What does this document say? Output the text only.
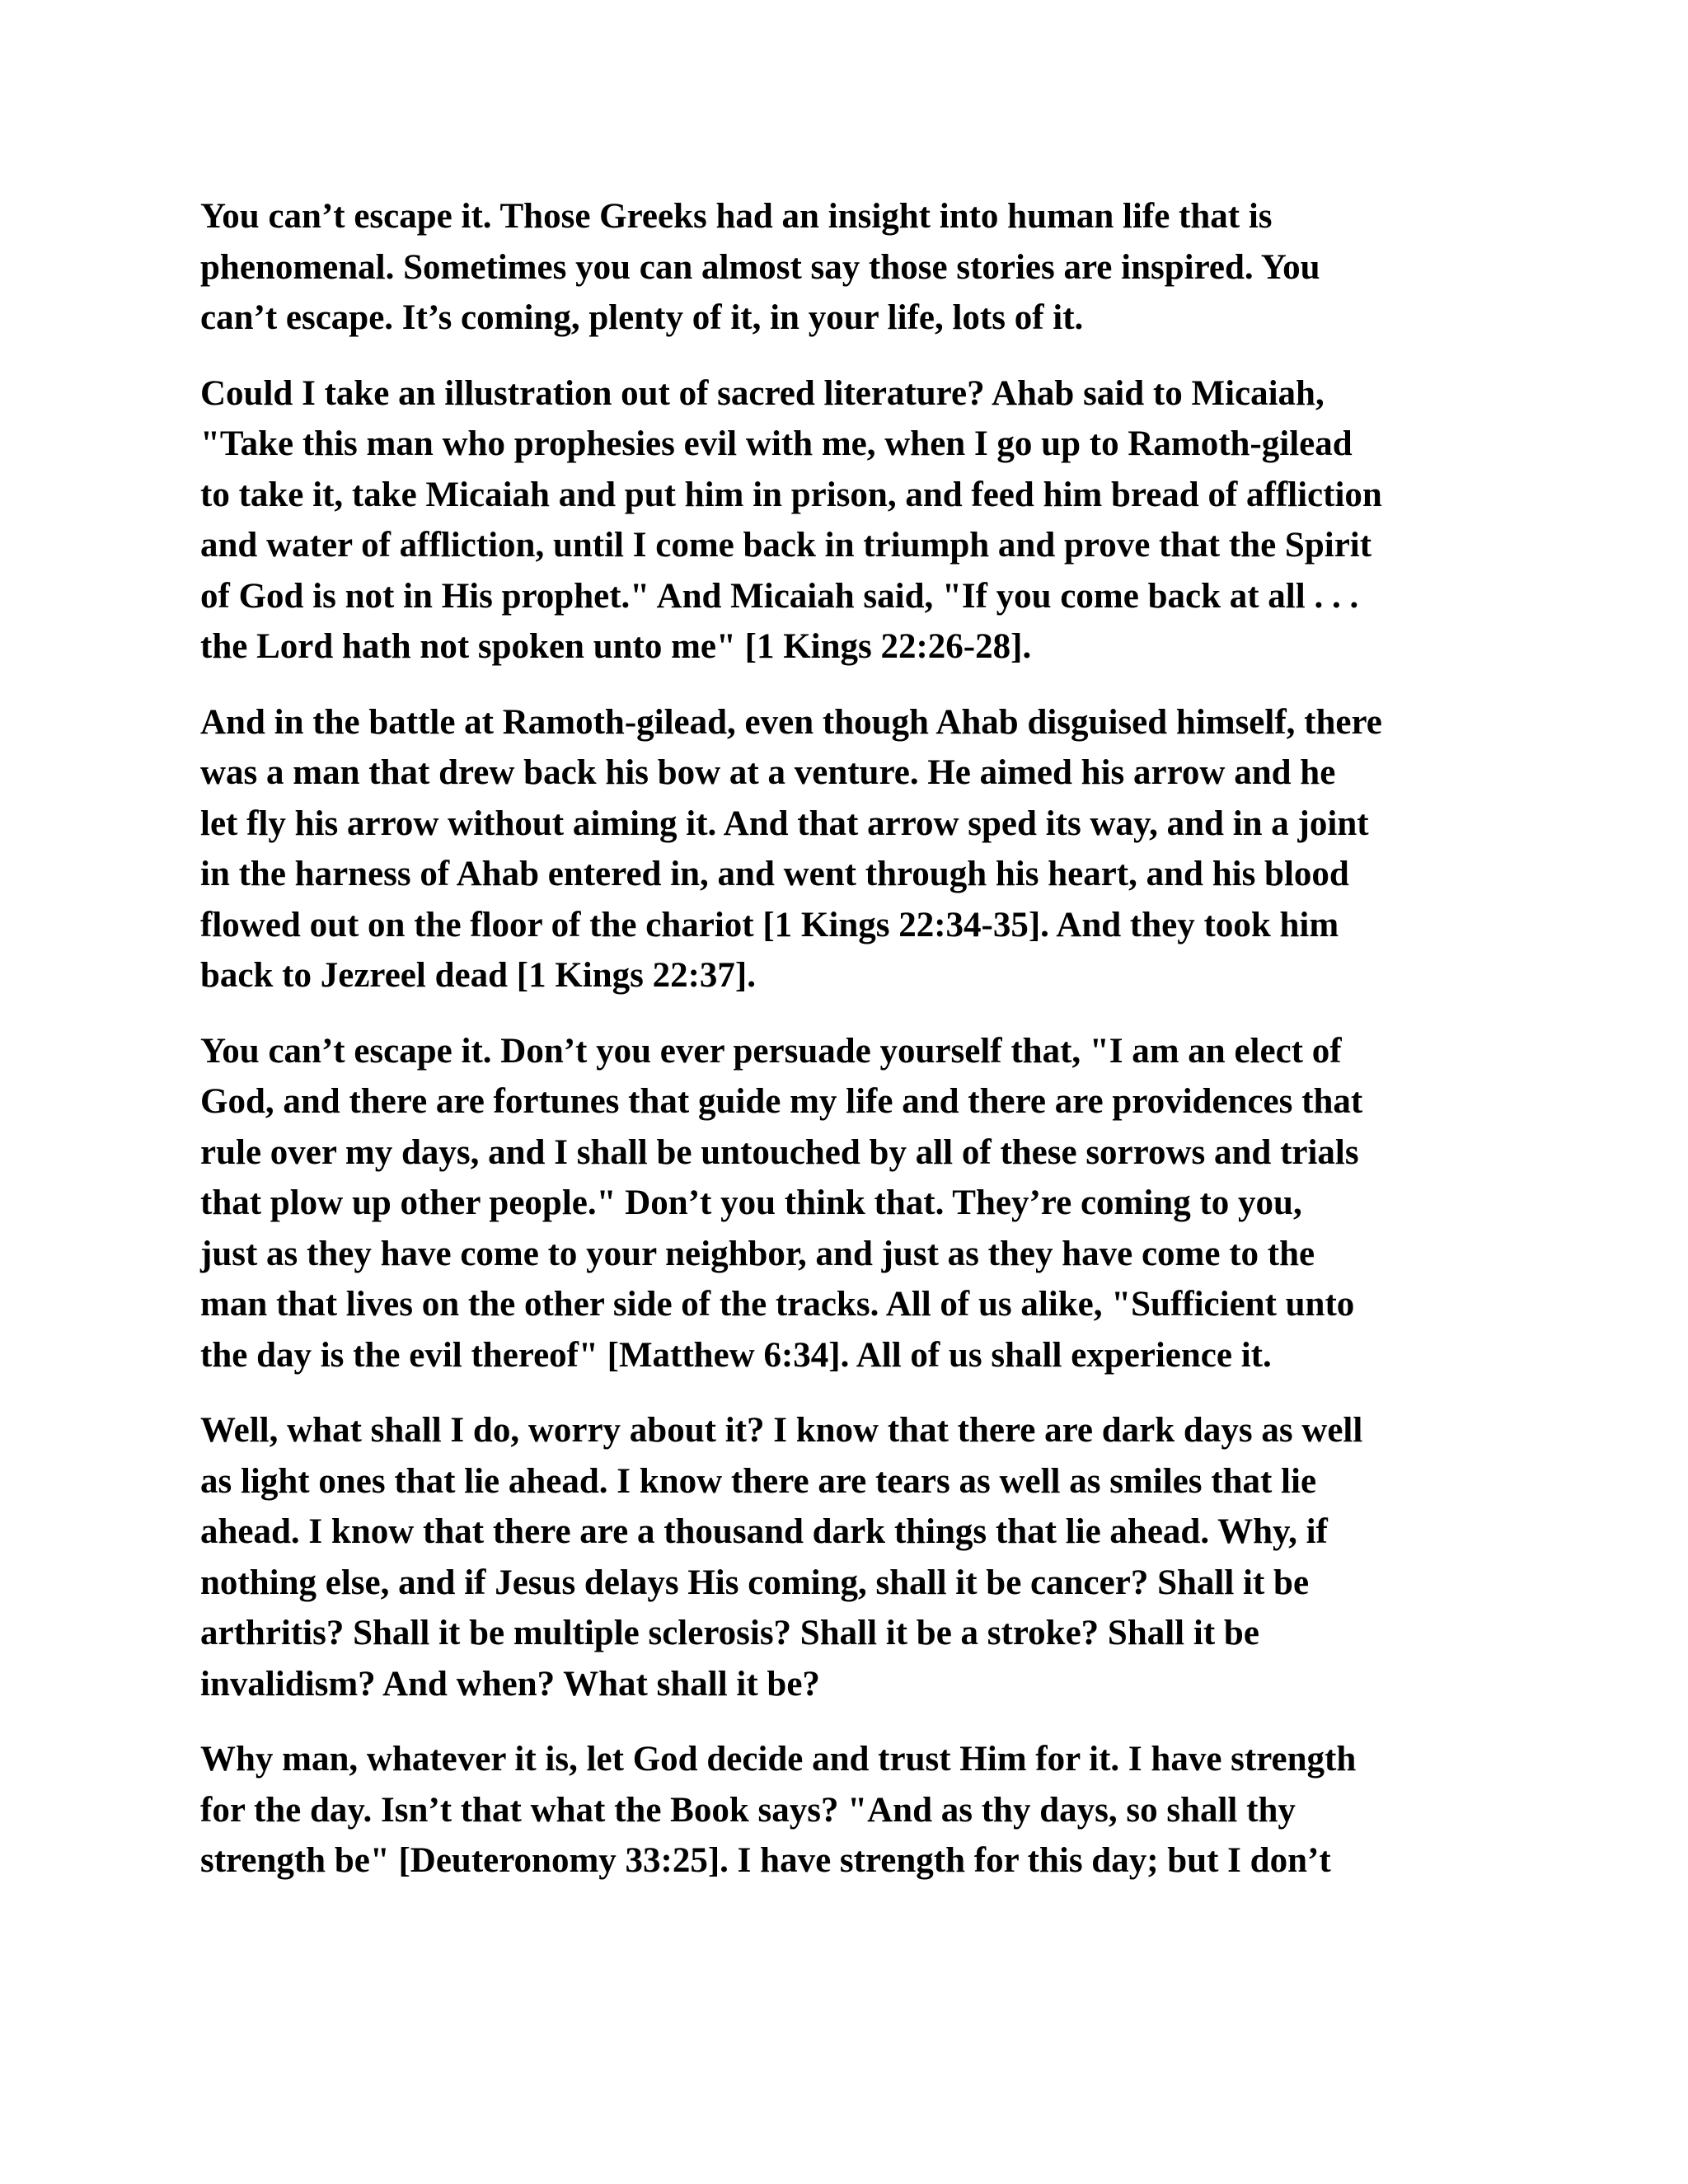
You can’t escape it. Those Greeks had an insight into human life that is
phenomenal. Sometimes you can almost say those stories are inspired. You
can’t escape. It’s coming, plenty of it, in your life, lots of it.

Could I take an illustration out of sacred literature? Ahab said to Micaiah,
"Take this man who prophesies evil with me, when I go up to Ramoth-gilead
to take it, take Micaiah and put him in prison, and feed him bread of affliction
and water of affliction, until I come back in triumph and prove that the Spirit
of God is not in His prophet." And Micaiah said, "If you come back at all . . .
the Lord hath not spoken unto me" [1 Kings 22:26-28].

And in the battle at Ramoth-gilead, even though Ahab disguised himself, there
was a man that drew back his bow at a venture. He aimed his arrow and he
let fly his arrow without aiming it. And that arrow sped its way, and in a joint
in the harness of Ahab entered in, and went through his heart, and his blood
flowed out on the floor of the chariot [1 Kings 22:34-35]. And they took him
back to Jezreel dead [1 Kings 22:37].

You can’t escape it. Don’t you ever persuade yourself that, "I am an elect of
God, and there are fortunes that guide my life and there are providences that
rule over my days, and I shall be untouched by all of these sorrows and trials
that plow up other people." Don’t you think that. They’re coming to you,
just as they have come to your neighbor, and just as they have come to the
man that lives on the other side of the tracks. All of us alike, "Sufficient unto
the day is the evil thereof" [Matthew 6:34]. All of us shall experience it.

Well, what shall I do, worry about it? I know that there are dark days as well
as light ones that lie ahead. I know there are tears as well as smiles that lie
ahead. I know that there are a thousand dark things that lie ahead. Why, if
nothing else, and if Jesus delays His coming, shall it be cancer? Shall it be
arthritis? Shall it be multiple sclerosis? Shall it be a stroke? Shall it be
invalidism? And when? What shall it be?

Why man, whatever it is, let God decide and trust Him for it. I have strength
for the day. Isn’t that what the Book says? "And as thy days, so shall thy
strength be" [Deuteronomy 33:25]. I have strength for this day; but I don’t
